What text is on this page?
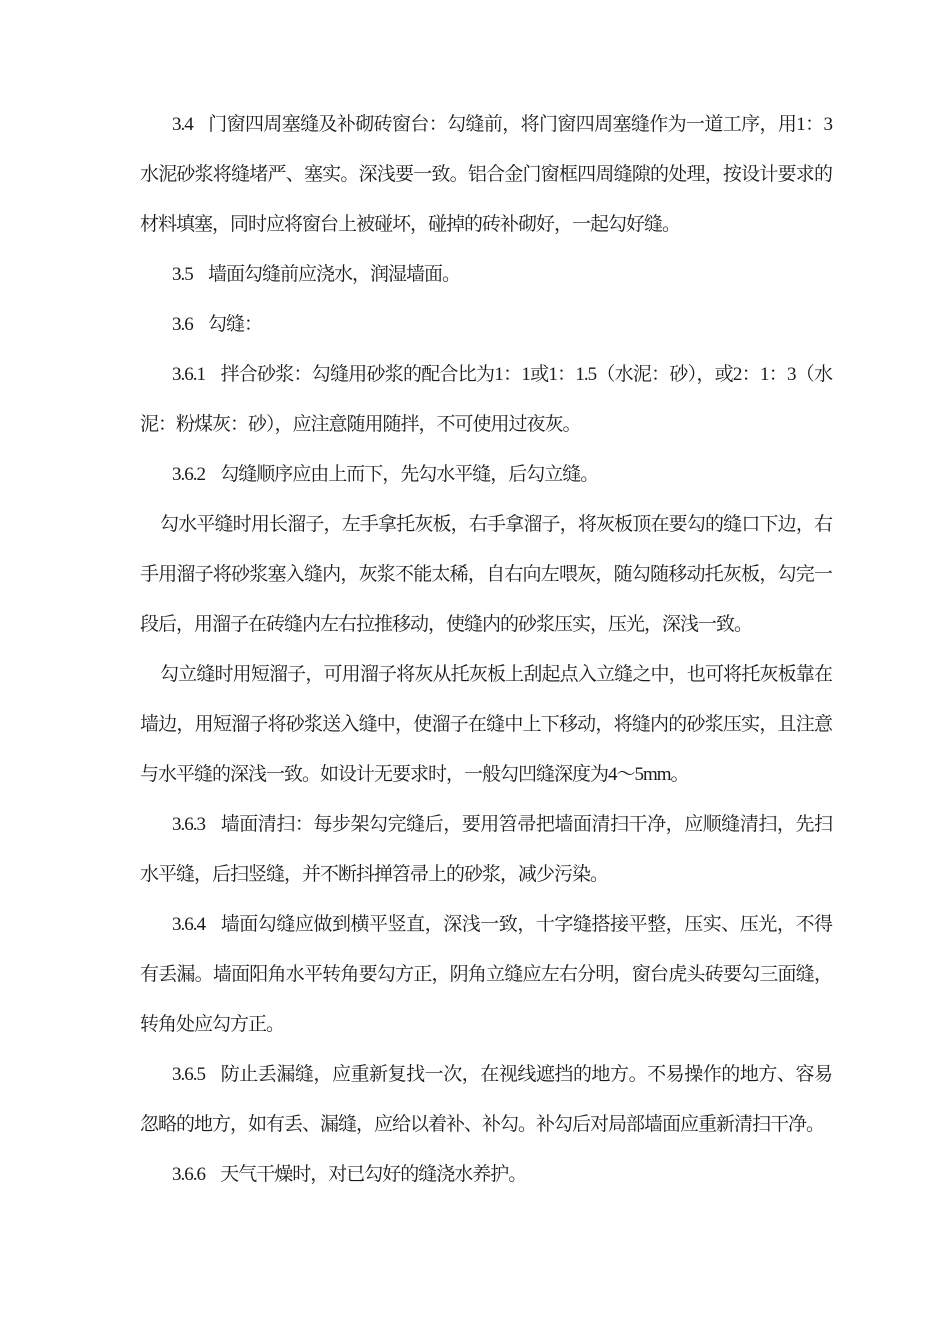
3.4 门窗四周塞缝及补砌砖窗台：勾缝前，将门窗四周塞缝作为一道工序，用1：3水泥砂浆将缝堵严、塞实。深浅要一致。铝合金门窗框四周缝隙的处理，按设计要求的材料填塞，同时应将窗台上被碰坏，碰掉的砖补砌好，一起勾好缝。

3.5 墙面勾缝前应浇水，润湿墙面。

3.6 勾缝：

3.6.1 拌合砂浆：勾缝用砂浆的配合比为1：1或1：1.5（水泥：砂），或2：1：3（水泥：粉煤灰：砂），应注意随用随拌，不可使用过夜灰。

3.6.2 勾缝顺序应由上而下，先勾水平缝，后勾立缝。

勾水平缝时用长溜子，左手拿托灰板，右手拿溜子，将灰板顶在要勾的缝口下边，右手用溜子将砂浆塞入缝内，灰浆不能太稀，自右向左喂灰，随勾随移动托灰板，勾完一段后，用溜子在砖缝内左右拉推移动，使缝内的砂浆压实，压光，深浅一致。

勾立缝时用短溜子，可用溜子将灰从托灰板上刮起点入立缝之中，也可将托灰板靠在墙边，用短溜子将砂浆送入缝中，使溜子在缝中上下移动，将缝内的砂浆压实，且注意与水平缝的深浅一致。如设计无要求时，一般勾凹缝深度为4～5mm。

3.6.3 墙面清扫：每步架勾完缝后，要用笤帚把墙面清扫干净，应顺缝清扫，先扫水平缝，后扫竖缝，并不断抖掸笤帚上的砂浆，减少污染。

3.6.4 墙面勾缝应做到横平竖直，深浅一致，十字缝搭接平整，压实、压光，不得有丢漏。墙面阳角水平转角要勾方正，阴角立缝应左右分明，窗台虎头砖要勾三面缝，转角处应勾方正。

3.6.5 防止丢漏缝，应重新复找一次，在视线遮挡的地方。不易操作的地方、容易忽略的地方，如有丢、漏缝，应给以着补、补勾。补勾后对局部墙面应重新清扫干净。

3.6.6 天气干燥时，对已勾好的缝浇水养护。
